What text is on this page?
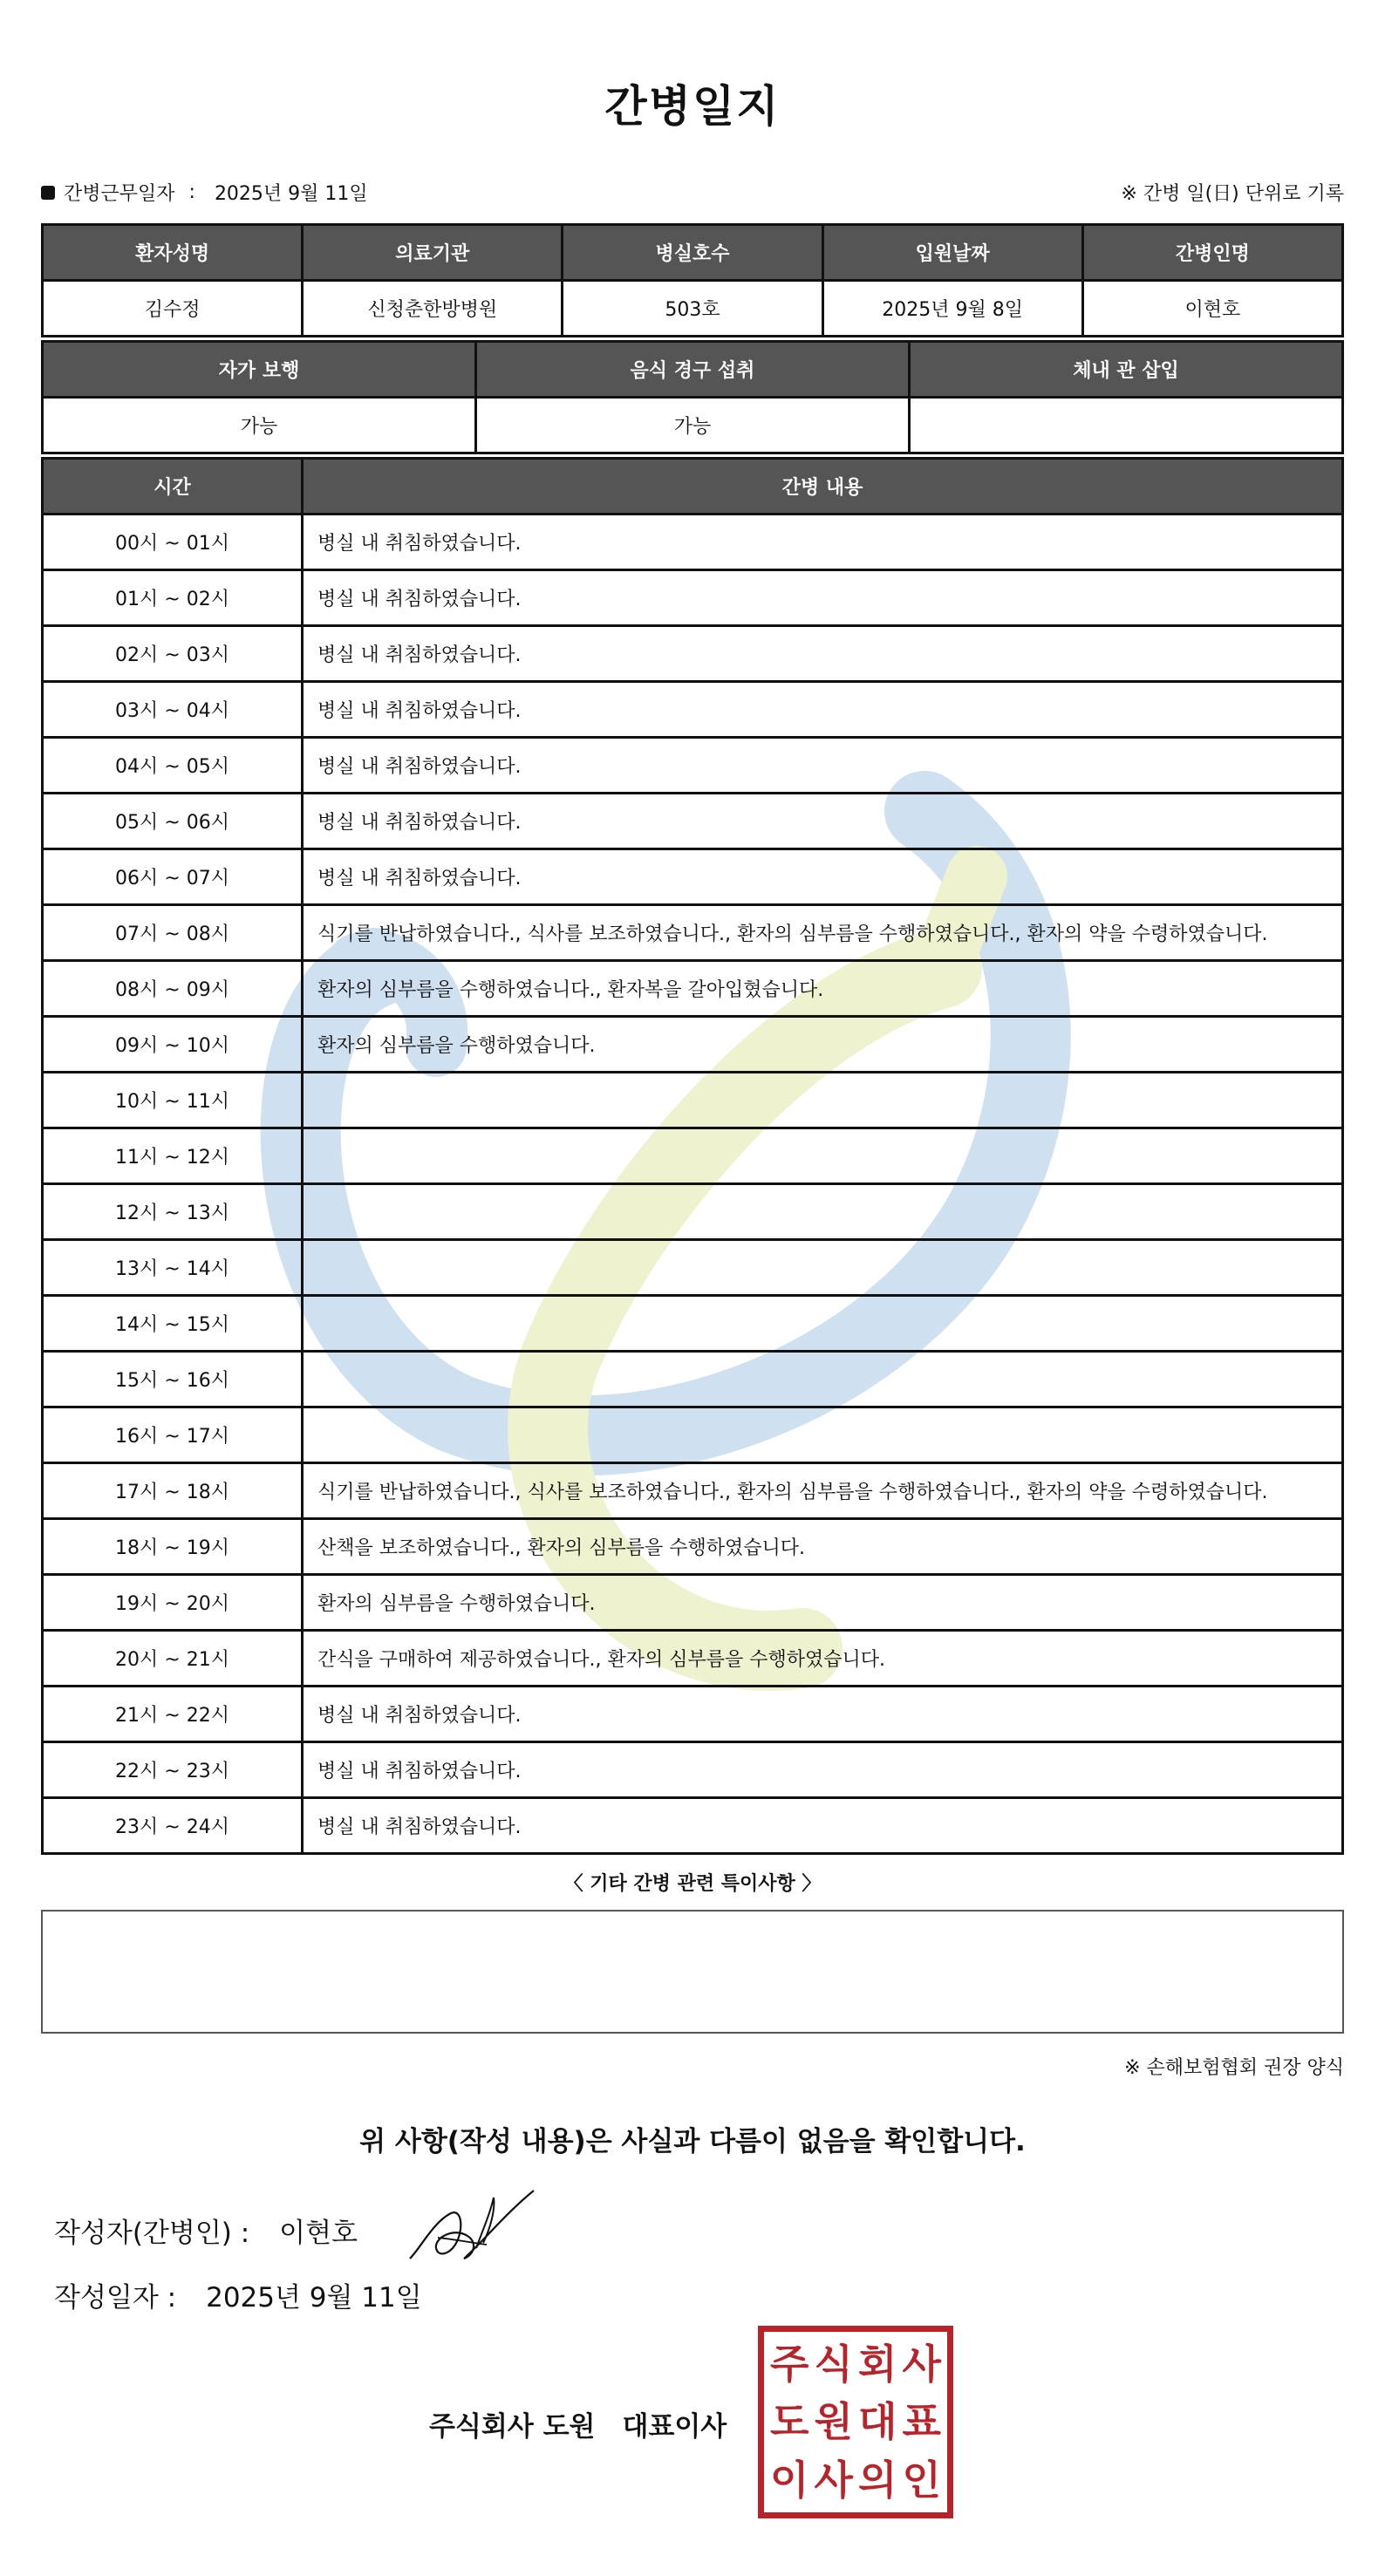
간병일지
간병근무일자 : 2025년 9월 11일	※ 간병 일(日) 단위로 기록
환자성명	의료기관	병실호수	입원날짜	간병인명
김수정	신청춘한방병원	503호	2025년 9월 8일	이현호
자가 보행	음식 경구 섭취	체내 관 삽입
가능	가능	
시간	간병 내용
00시 ~ 01시	병실 내 취침하였습니다.
01시 ~ 02시	병실 내 취침하였습니다.
02시 ~ 03시	병실 내 취침하였습니다.
03시 ~ 04시	병실 내 취침하였습니다.
04시 ~ 05시	병실 내 취침하였습니다.
05시 ~ 06시	병실 내 취침하였습니다.
06시 ~ 07시	병실 내 취침하였습니다.
07시 ~ 08시	식기를 반납하였습니다., 식사를 보조하였습니다., 환자의 심부름을 수행하였습니다., 환자의 약을 수령하였습니다.
08시 ~ 09시	환자의 심부름을 수행하였습니다., 환자복을 갈아입혔습니다.
09시 ~ 10시	환자의 심부름을 수행하였습니다.
10시 ~ 11시	
11시 ~ 12시	
12시 ~ 13시	
13시 ~ 14시	
14시 ~ 15시	
15시 ~ 16시	
16시 ~ 17시	
17시 ~ 18시	식기를 반납하였습니다., 식사를 보조하였습니다., 환자의 심부름을 수행하였습니다., 환자의 약을 수령하였습니다.
18시 ~ 19시	산책을 보조하였습니다., 환자의 심부름을 수행하였습니다.
19시 ~ 20시	환자의 심부름을 수행하였습니다.
20시 ~ 21시	간식을 구매하여 제공하였습니다., 환자의 심부름을 수행하였습니다.
21시 ~ 22시	병실 내 취침하였습니다.
22시 ~ 23시	병실 내 취침하였습니다.
23시 ~ 24시	병실 내 취침하였습니다.
〈 기타 간병 관련 특이사항 〉
※ 손해보험협회 권장 양식
위 사항(작성 내용)은 사실과 다름이 없음을 확인합니다.
작성자(간병인) : 이현호
작성일자 : 2025년 9월 11일
주식회사 도원　대표이사
주 식 회 사
도 원 대 표
이 사 의 인
